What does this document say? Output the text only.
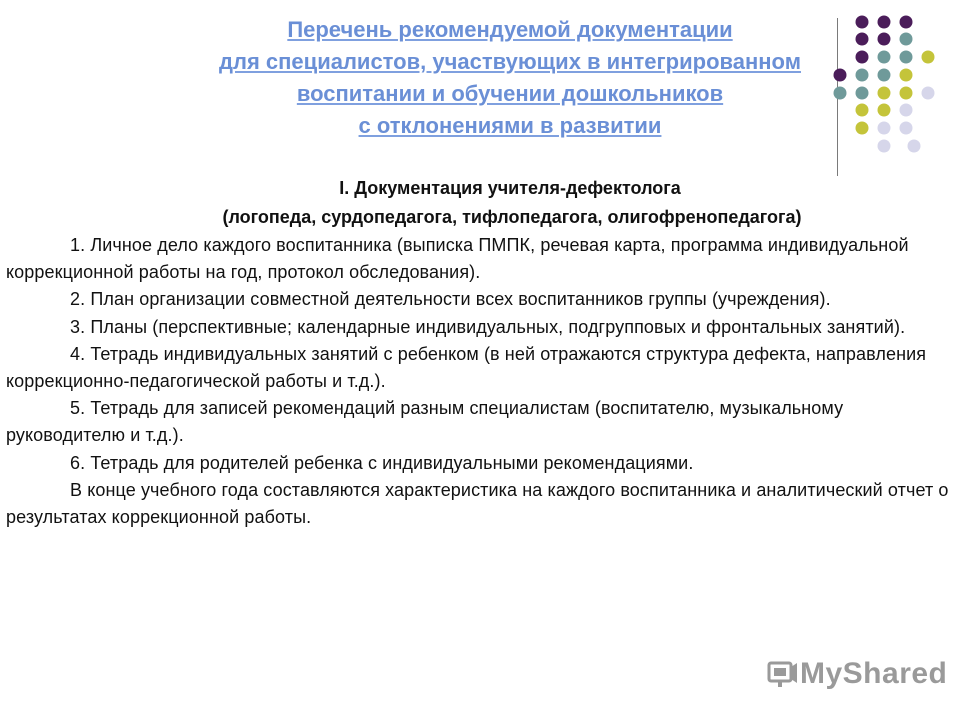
Перечень рекомендуемой документации
для специалистов, участвующих в интегрированном
воспитании и обучении дошкольников
с отклонениями в развитии
I. Документация учителя-дефектолога
(логопеда, сурдопедагога, тифлопедагога, олигофренопедагога)

1. Личное дело каждого воспитанника (выписка ПМПК, речевая карта, программа индивидуальной коррекционной работы на год, протокол обследования).

2. План организации совместной деятельности всех воспитанников группы (учреждения).

3. Планы (перспективные; календарные индивидуальных, подгрупповых и фронтальных занятий).

4. Тетрадь индивидуальных занятий с ребенком (в ней отражаются структура дефекта, направления коррекционно-педагогической работы и т.д.).

5. Тетрадь для записей рекомендаций разным специалистам (воспитателю, музыкальному руководителю и т.д.).

6. Тетрадь для родителей ребенка с индивидуальными рекомендациями.

В конце учебного года составляются характеристика на каждого воспитанника и аналитический отчет о результатах коррекционной работы.

MyShared
